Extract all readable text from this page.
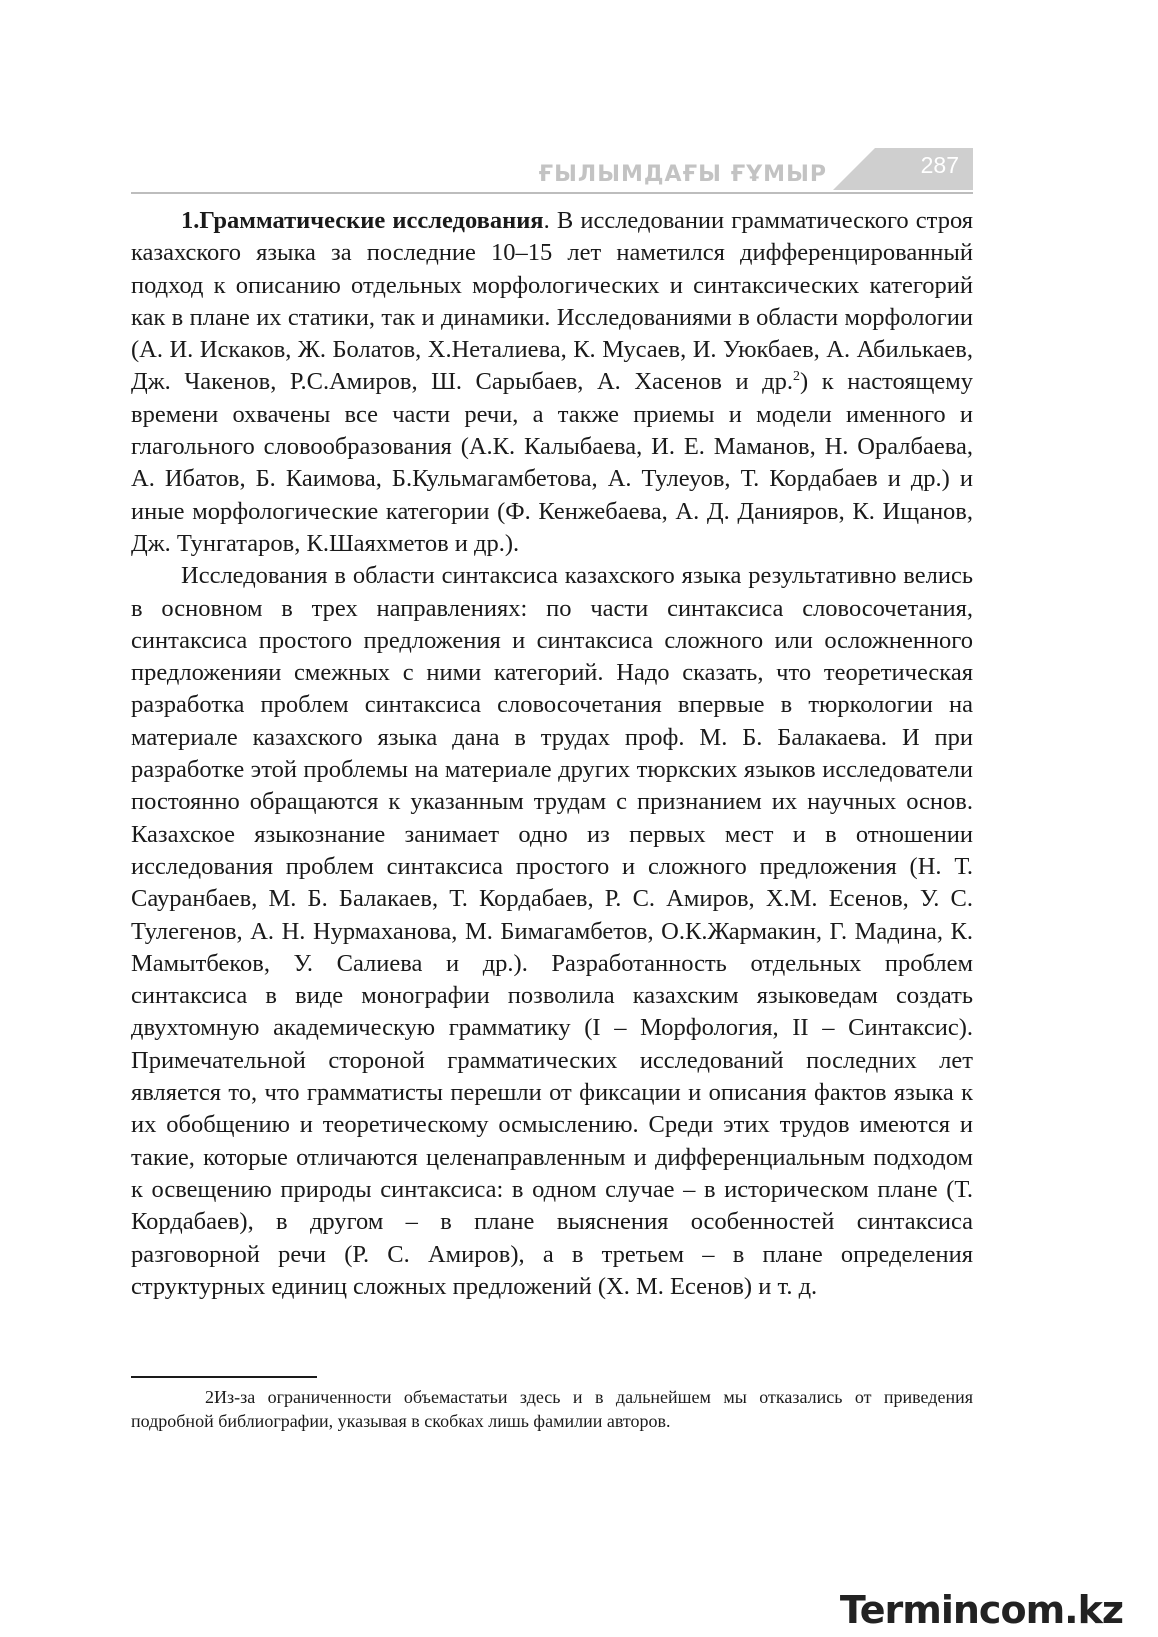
ҒЫЛЫМДАҒЫ ҒҰМЫР	287

1.Грамматические исследования. В исследовании грамматического строя казахского языка за последние 10–15 лет наметился дифференцированный подход к описанию отдельных морфологических и синтаксических категорий как в плане их статики, так и динамики. Исследованиями в области морфологии (А. И. Искаков, Ж. Болатов, Х.Неталиева, К. Мусаев, И. Уюкбаев, А. Абилькаев, Дж. Чакенов, Р.С.Амиров, Ш. Сарыбаев, А. Хасенов и др.$^2$) к настоящему времени охвачены все части речи, а также приемы и модели именного и глагольного словообразования (А.К. Калыбаева, И. Е. Маманов, Н. Оралбаева, А. Ибатов, Б. Каимова, Б.Кульмагамбетова, А. Тулеуов, Т. Кордабаев и др.) и иные морфологические категории (Ф. Кенжебаева, А. Д. Данияров, К. Ищанов, Дж. Тунгатаров, К.Шаяхметов и др.).

Исследования в области синтаксиса казахского языка результативно велись в основном в трех направлениях: по части синтаксиса словосочетания, синтаксиса простого предложения и синтаксиса сложного или осложненного предложенияи смежных с ними категорий. Надо сказать, что теоретическая разработка проблем синтаксиса словосочетания впервые в тюркологии на материале казахского языка дана в трудах проф. М. Б. Балакаева. И при разработке этой проблемы на материале других тюркских языков исследователи постоянно обращаются к указанным трудам с признанием их научных основ. Казахское языкознание занимает одно из первых мест и в отношении исследования проблем синтаксиса простого и сложного предложения (Н. Т. Сауранбаев, М. Б. Балакаев, Т. Кордабаев, Р. С. Амиров, Х.М. Есенов, У. С. Тулегенов, А. Н. Нурмаханова, М. Бимагамбетов, О.К.Жармакин, Г. Мадина, К. Мамытбеков, У. Салиева и др.). Разработанность отдельных проблем синтаксиса в виде монографии позволила казахским языковедам создать двухтомную академическую грамматику (I – Морфология, II – Синтаксис). Примечательной стороной грамматических исследований последних лет является то, что грамматисты перешли от фиксации и описания фактов языка к их обобщению и теоретическому осмыслению. Среди этих трудов имеются и такие, которые отличаются целенаправленным и дифференциальным подходом к освещению природы синтаксиса: в одном случае – в историческом плане (Т. Кордабаев), в другом – в плане выяснения особенностей синтаксиса разговорной речи (Р. С. Амиров), а в третьем – в плане определения структурных единиц сложных предложений (Х. М. Есенов) и т. д.

2Из-за ограниченности объемастатьи здесь и в дальнейшем мы отказались от приведения подробной библиографии, указывая в скобках лишь фамилии авторов.

Termincom.kz
